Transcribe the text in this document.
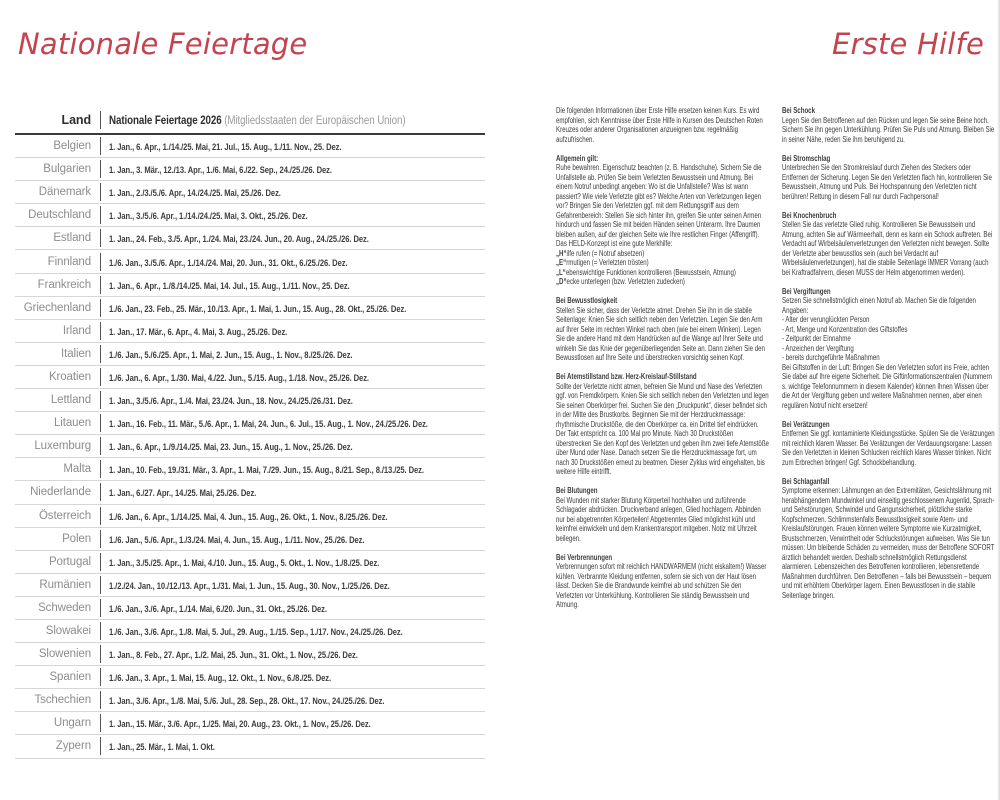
Nationale Feiertage
Land	Nationale Feiertage 2026 (Mitgliedsstaaten der Europäischen Union)
Belgien	1. Jan., 6. Apr., 1./14./25. Mai, 21. Jul., 15. Aug., 1./11. Nov., 25. Dez.
Bulgarien	1. Jan., 3. Mär., 12./13. Apr., 1./6. Mai, 6./22. Sep., 24./25./26. Dez.
Dänemark	1. Jan., 2./3./5./6. Apr., 14./24./25. Mai, 25./26. Dez.
Deutschland	1. Jan., 3./5./6. Apr., 1./14./24./25. Mai, 3. Okt., 25./26. Dez.
Estland	1. Jan., 24. Feb., 3./5. Apr., 1./24. Mai, 23./24. Jun., 20. Aug., 24./25./26. Dez.
Finnland	1./6. Jan., 3./5./6. Apr., 1./14./24. Mai, 20. Jun., 31. Okt., 6./25./26. Dez.
Frankreich	1. Jan., 6. Apr., 1./8./14./25. Mai, 14. Jul., 15. Aug., 1./11. Nov., 25. Dez.
Griechenland	1./6. Jan., 23. Feb., 25. Mär., 10./13. Apr., 1. Mai, 1. Jun., 15. Aug., 28. Okt., 25./26. Dez.
Irland	1. Jan., 17. Mär., 6. Apr., 4. Mai, 3. Aug., 25./26. Dez.
Italien	1./6. Jan., 5./6./25. Apr., 1. Mai, 2. Jun., 15. Aug., 1. Nov., 8./25./26. Dez.
Kroatien	1./6. Jan., 6. Apr., 1./30. Mai, 4./22. Jun., 5./15. Aug., 1./18. Nov., 25./26. Dez.
Lettland	1. Jan., 3./5./6. Apr., 1./4. Mai, 23./24. Jun., 18. Nov., 24./25./26./31. Dez.
Litauen	1. Jan., 16. Feb., 11. Mär., 5./6. Apr., 1. Mai, 24. Jun., 6. Jul., 15. Aug., 1. Nov., 24./25./26. Dez.
Luxemburg	1. Jan., 6. Apr., 1./9./14./25. Mai, 23. Jun., 15. Aug., 1. Nov., 25./26. Dez.
Malta	1. Jan., 10. Feb., 19./31. Mär., 3. Apr., 1. Mai, 7./29. Jun., 15. Aug., 8./21. Sep., 8./13./25. Dez.
Niederlande	1. Jan., 6./27. Apr., 14./25. Mai, 25./26. Dez.
Österreich	1./6. Jan., 6. Apr., 1./14./25. Mai, 4. Jun., 15. Aug., 26. Okt., 1. Nov., 8./25./26. Dez.
Polen	1./6. Jan., 5./6. Apr., 1./3./24. Mai, 4. Jun., 15. Aug., 1./11. Nov., 25./26. Dez.
Portugal	1. Jan., 3./5./25. Apr., 1. Mai, 4./10. Jun., 15. Aug., 5. Okt., 1. Nov., 1./8./25. Dez.
Rumänien	1./2./24. Jan., 10./12./13. Apr., 1./31. Mai, 1. Jun., 15. Aug., 30. Nov., 1./25./26. Dez.
Schweden	1./6. Jan., 3./6. Apr., 1./14. Mai, 6./20. Jun., 31. Okt., 25./26. Dez.
Slowakei	1./6. Jan., 3./6. Apr., 1./8. Mai, 5. Jul., 29. Aug., 1./15. Sep., 1./17. Nov., 24./25./26. Dez.
Slowenien	1. Jan., 8. Feb., 27. Apr., 1./2. Mai, 25. Jun., 31. Okt., 1. Nov., 25./26. Dez.
Spanien	1./6. Jan., 3. Apr., 1. Mai, 15. Aug., 12. Okt., 1. Nov., 6./8./25. Dez.
Tschechien	1. Jan., 3./6. Apr., 1./8. Mai, 5./6. Jul., 28. Sep., 28. Okt., 17. Nov., 24./25./26. Dez.
Ungarn	1. Jan., 15. Mär., 3./6. Apr., 1./25. Mai, 20. Aug., 23. Okt., 1. Nov., 25./26. Dez.
Zypern	1. Jan., 25. Mär., 1. Mai, 1. Okt.
Erste Hilfe
Die folgenden Informationen über Erste Hilfe ersetzen keinen Kurs. Es wird empfohlen, sich Kenntnisse über Erste Hilfe in Kursen des Deutschen Roten Kreuzes oder anderer Organisationen anzueignen bzw. regelmäßig aufzufrischen.
Allgemein gilt:
Ruhe bewahren. Eigenschutz beachten (z. B. Handschuhe). Sichern Sie die Unfallstelle ab. Prüfen Sie beim Verletzten Bewusstsein und Atmung. Bei einem Notruf unbedingt angeben: Wo ist die Unfallstelle? Was ist wann passiert? Wie viele Verletzte gibt es? Welche Arten von Verletzungen liegen vor? Bringen Sie den Verletzten ggf. mit dem Rettungsgriff aus dem Gefahrenbereich: Stellen Sie sich hinter ihn, greifen Sie unter seinen Armen hindurch und fassen Sie mit beiden Händen seinen Unterarm. Ihre Daumen bleiben außen, auf der gleichen Seite wie Ihre restlichen Finger (Affengriff).
Das HELD-Konzept ist eine gute Merkhilfe:
„H“ilfe rufen (= Notruf absetzen)
„E“rmutigen (= Verletzten trösten)
„L“ebenswichtige Funktionen kontrollieren (Bewusstsein, Atmung)
„D“ecke unterlegen (bzw. Verletzten zudecken)
Bei Bewusstlosigkeit
Stellen Sie sicher, dass der Verletzte atmet. Drehen Sie ihn in die stabile Seitenlage: Knien Sie sich seitlich neben den Verletzten. Legen Sie den Arm auf Ihrer Seite im rechten Winkel nach oben (wie bei einem Winken). Legen Sie die andere Hand mit dem Handrücken auf die Wange auf Ihrer Seite und winkeln Sie das Knie der gegenüberliegenden Seite an. Dann ziehen Sie den Bewusstlosen auf Ihre Seite und überstrecken vorsichtig seinen Kopf.
Bei Atemstillstand bzw. Herz-Kreislauf-Stillstand
Sollte der Verletzte nicht atmen, befreien Sie Mund und Nase des Verletzten ggf. von Fremdkörpern. Knien Sie sich seitlich neben den Verletzten und legen Sie seinen Oberkörper frei. Suchen Sie den „Druckpunkt“, dieser befindet sich in der Mitte des Brustkorbs. Beginnen Sie mit der Herzdruckmassage: rhythmische Druckstöße, die den Oberkörper ca. ein Drittel tief eindrücken. Der Takt entspricht ca. 100 Mal pro Minute. Nach 30 Druckstößen überstrecken Sie den Kopf des Verletzten und geben ihm zwei tiefe Atemstöße über Mund oder Nase. Danach setzen Sie die Herzdruckmassage fort, um nach 30 Druckstößen erneut zu beatmen. Dieser Zyklus wird eingehalten, bis weitere Hilfe eintrifft.
Bei Blutungen
Bei Wunden mit starker Blutung Körperteil hochhalten und zuführende Schlagader abdrücken. Druckverband anlegen, Glied hochlagern. Abbinden nur bei abgetrennten Körperteilen! Abgetrenntes Glied möglichst kühl und keimfrei einwickeln und dem Krankentransport mitgeben. Notiz mit Uhrzeit beilegen.
Bei Verbrennungen
Verbrennungen sofort mit reichlich HANDWARMEM (nicht eiskaltem!) Wasser kühlen. Verbrannte Kleidung entfernen, sofern sie sich von der Haut lösen lässt. Decken Sie die Brandwunde keimfrei ab und schützen Sie den Verletzten vor Unterkühlung. Kontrollieren Sie ständig Bewusstsein und Atmung.
Bei Schock
Legen Sie den Betroffenen auf den Rücken und legen Sie seine Beine hoch. Sichern Sie ihn gegen Unterkühlung. Prüfen Sie Puls und Atmung. Bleiben Sie in seiner Nähe, reden Sie ihm beruhigend zu.
Bei Stromschlag
Unterbrechen Sie den Stromkreislauf durch Ziehen des Steckers oder Entfernen der Sicherung. Legen Sie den Verletzten flach hin, kontrollieren Sie Bewusstsein, Atmung und Puls. Bei Hochspannung den Verletzten nicht berühren! Rettung in diesem Fall nur durch Fachpersonal!
Bei Knochenbruch
Stellen Sie das verletzte Glied ruhig. Kontrollieren Sie Bewusstsein und Atmung, achten Sie auf Wärmeerhalt, denn es kann ein Schock auftreten. Bei Verdacht auf Wirbelsäulenverletzungen den Verletzten nicht bewegen. Sollte der Verletzte aber bewusstlos sein (auch bei Verdacht auf Wirbelsäulenverletzungen), hat die stabile Seitenlage IMMER Vorrang (auch bei Kraftradfahrern, diesen MUSS der Helm abgenommen werden).
Bei Vergiftungen
Setzen Sie schnellstmöglich einen Notruf ab. Machen Sie die folgenden Angaben:
- Alter der verunglückten Person
- Art, Menge und Konzentration des Giftstoffes
- Zeitpunkt der Einnahme
- Anzeichen der Vergiftung
- bereits durchgeführte Maßnahmen
Bei Giftstoffen in der Luft: Bringen Sie den Verletzten sofort ins Freie, achten Sie dabei auf Ihre eigene Sicherheit. Die Giftinformationszentralen (Nummern s. wichtige Telefonnummern in diesem Kalender) können Ihnen Wissen über die Art der Vergiftung geben und weitere Maßnahmen nennen, aber einen regulären Notruf nicht ersetzen!
Bei Verätzungen
Entfernen Sie ggf. kontaminierte Kleidungsstücke. Spülen Sie die Verätzungen mit reichlich klarem Wasser. Bei Verätzungen der Verdauungsorgane: Lassen Sie den Verletzten in kleinen Schlucken reichlich klares Wasser trinken. Nicht zum Erbrechen bringen! Ggf. Schockbehandlung.
Bei Schlaganfall
Symptome erkennen: Lähmungen an den Extremitäten, Gesichtslähmung mit herabhängendem Mundwinkel und einseitig geschlossenem Augenlid, Sprach- und Sehstörungen, Schwindel und Gangunsicherheit, plötzliche starke Kopfschmerzen. Schlimmstenfalls Bewusstlosigkeit sowie Atem- und Kreislaufstörungen. Frauen können weitere Symptome wie Kurzatmigkeit, Brustschmerzen, Verwirrtheit oder Schluckstörungen aufweisen. Was Sie tun müssen: Um bleibende Schäden zu vermeiden, muss der Betroffene SOFORT ärztlich behandelt werden. Deshalb schnellstmöglich Rettungsdienst alarmieren. Lebenszeichen des Betroffenen kontrollieren, lebensrettende Maßnahmen durchführen. Den Betroffenen – falls bei Bewusstsein – bequem und mit erhöhtem Oberkörper lagern. Einen Bewusstlosen in die stabile Seitenlage bringen.
